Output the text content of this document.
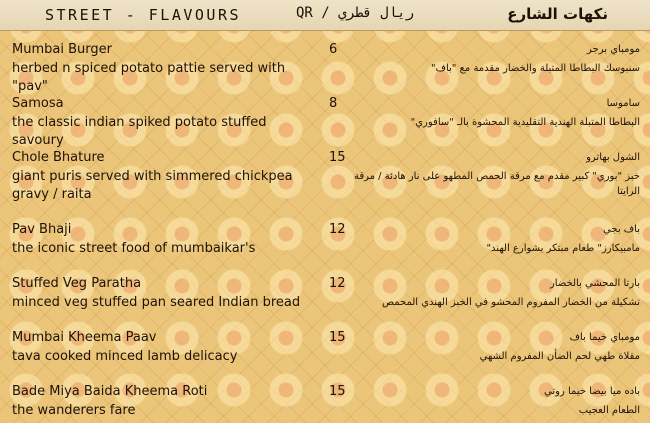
STREET - FLAVOURS	QR / ريال قطري	نكهات الشارع
Mumbai Burger
herbed n spiced potato pattie served with "pav"
6	مومباي برجر
سنبوسك البطاطا المتبلة والخضار مقدمة مع "باف"
Samosa
the classic indian spiked potato stuffed savoury
8	ساموسا
البطاطا المتبلة الهندية التقليدية المحشوة بالـ "سافوري"
Chole Bhature
giant puris served with simmered chickpea gravy / raita
15	الشول بهاترو
خبز "بوري" كبير مقدم مع مرقة الحمص المطهو على نار هادئة / مرقة الرايتا
Pav Bhaji
the iconic street food of mumbaikar's
12	باف بجي
مامبيكارز" طعام مبتكر بشوارع الهند"
Stuffed Veg Paratha
minced veg stuffed pan seared Indian bread
12	بارتا المحشي بالخضار
تشكيلة من الخضار المفروم المحشو في الخبز الهندي المحمص
Mumbai Kheema Paav
tava cooked minced lamb delicacy
15	مومباي خيما باف
مقلاة طهي لحم الضأن المفروم الشهي
Bade Miya Baida Kheema Roti
the wanderers fare
15	باده ميا بيضا خيما روتي
الطعام العجيب
